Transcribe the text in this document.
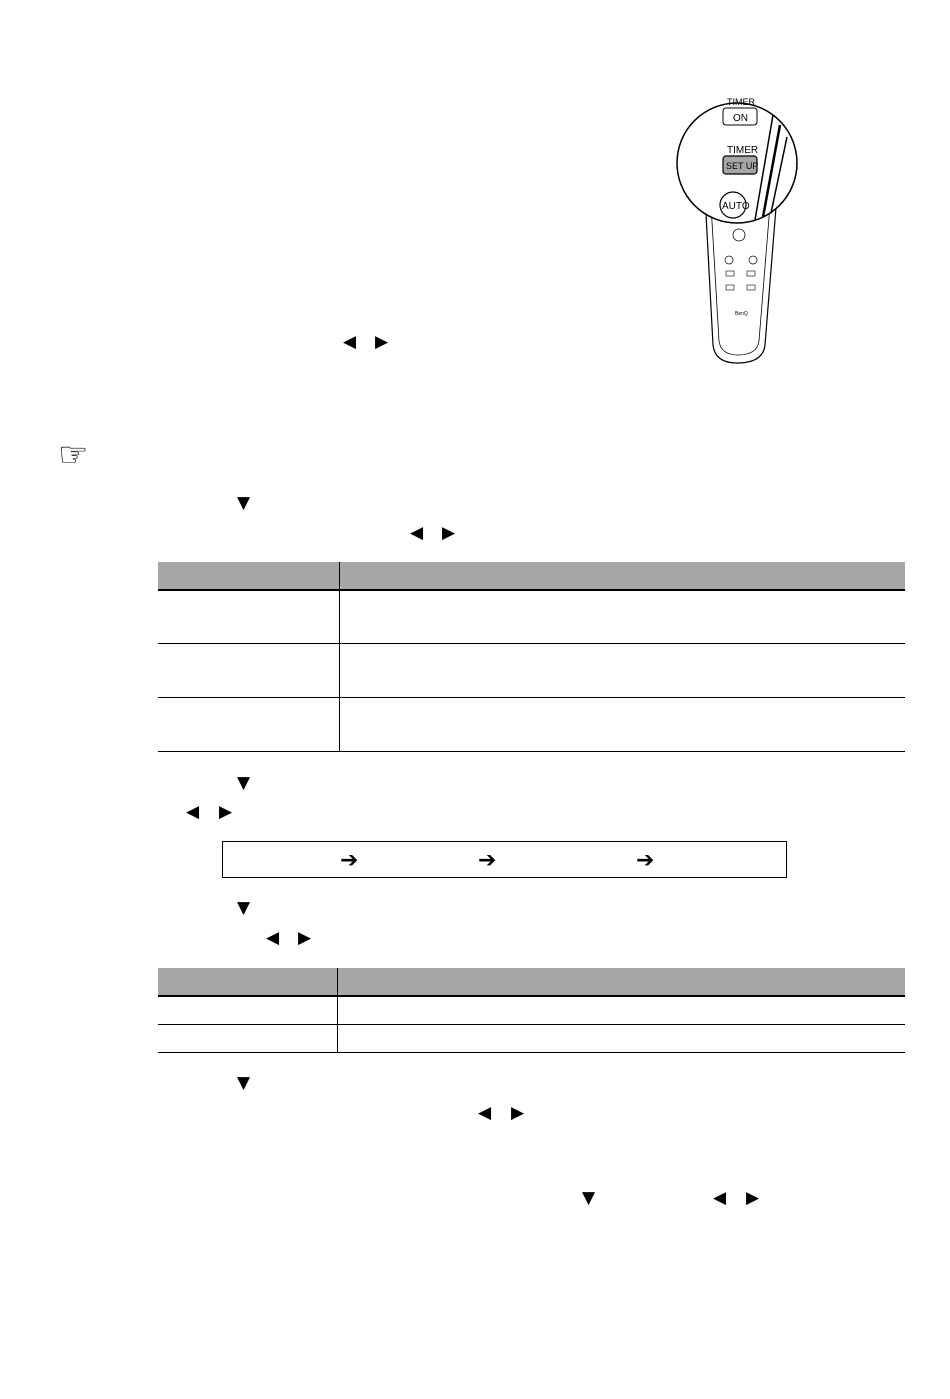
BenQ
TIMER
ON
TIMER
SET UP
AUTO
◀ ▶
☞
▼
◀ ▶
▼
◀ ▶
➔	➔	➔
▼
◀ ▶
▼
◀ ▶
▼	◀ ▶
